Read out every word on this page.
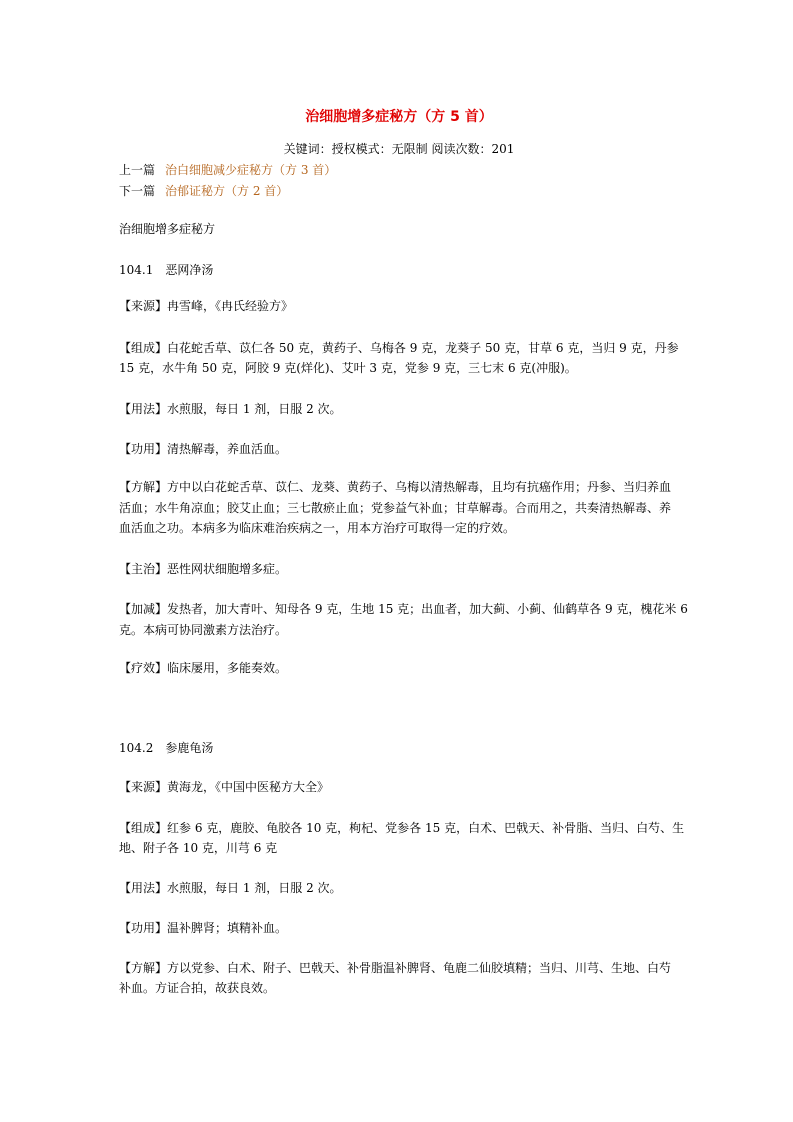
治细胞增多症秘方（方 5 首）
关键词：授权模式：无限制 阅读次数：201
上一篇 治白细胞减少症秘方（方 3 首）
下一篇 治郁证秘方（方 2 首）
治细胞增多症秘方
104.1　恶网净汤
【来源】冉雪峰，《冉氏经验方》
【组成】白花蛇舌草、苡仁各 50 克，黄药子、乌梅各 9 克，龙葵子 50 克，甘草 6 克，当归 9 克，丹参
15 克，水牛角 50 克，阿胶 9 克(烊化)、艾叶 3 克，党参 9 克，三七末 6 克(冲服)。
【用法】水煎服，每日 1 剂，日服 2 次。
【功用】清热解毒，养血活血。
【方解】方中以白花蛇舌草、苡仁、龙葵、黄药子、乌梅以清热解毒，且均有抗癌作用；丹参、当归养血
活血；水牛角凉血；胶艾止血；三七散瘀止血；党参益气补血；甘草解毒。合而用之，共奏清热解毒、养
血活血之功。本病多为临床难治疾病之一，用本方治疗可取得一定的疗效。
【主治】恶性网状细胞增多症。
【加减】发热者，加大青叶、知母各 9 克，生地 15 克；出血者，加大蓟、小蓟、仙鹤草各 9 克，槐花米 6
克。本病可协同激素方法治疗。
【疗效】临床屡用，多能奏效。
104.2　参鹿龟汤
【来源】黄海龙，《中国中医秘方大全》
【组成】红参 6 克，鹿胶、龟胶各 10 克，枸杞、党参各 15 克，白术、巴戟天、补骨脂、当归、白芍、生
地、附子各 10 克，川芎 6 克
【用法】水煎服，每日 1 剂，日服 2 次。
【功用】温补脾肾；填精补血。
【方解】方以党参、白术、附子、巴戟天、补骨脂温补脾肾、龟鹿二仙胶填精；当归、川芎、生地、白芍
补血。方证合拍，故获良效。
